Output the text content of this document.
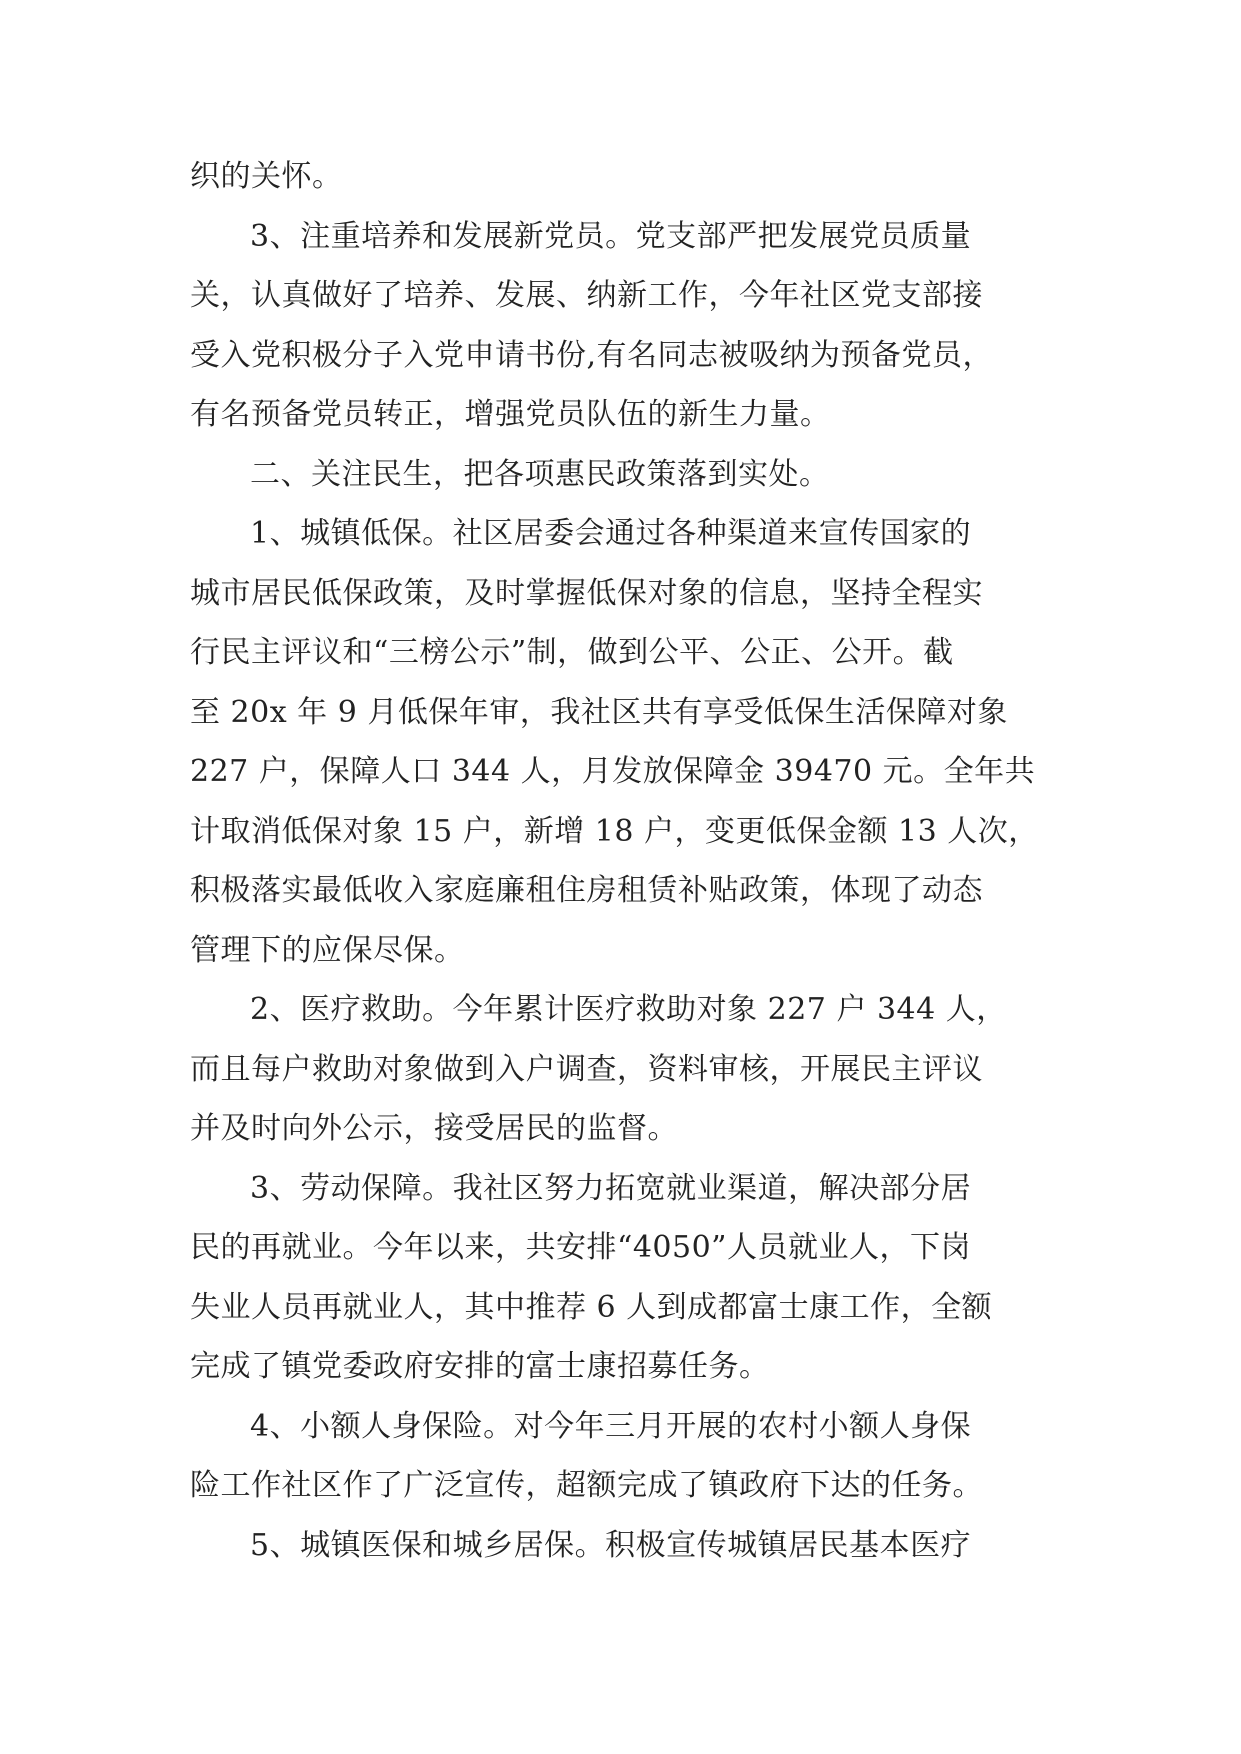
织的关怀。
3、注重培养和发展新党员。党支部严把发展党员质量
关，认真做好了培养、发展、纳新工作，今年社区党支部接
受入党积极分子入党申请书份,有名同志被吸纳为预备党员，
有名预备党员转正，增强党员队伍的新生力量。
二、关注民生，把各项惠民政策落到实处。
1、城镇低保。社区居委会通过各种渠道来宣传国家的
城市居民低保政策，及时掌握低保对象的信息，坚持全程实
行民主评议和“三榜公示”制，做到公平、公正、公开。截
至 20x 年 9 月低保年审，我社区共有享受低保生活保障对象
227 户，保障人口 344 人，月发放保障金 39470 元。全年共
计取消低保对象 15 户，新增 18 户，变更低保金额 13 人次，
积极落实最低收入家庭廉租住房租赁补贴政策，体现了动态
管理下的应保尽保。
2、医疗救助。今年累计医疗救助对象 227 户 344 人，
而且每户救助对象做到入户调查，资料审核，开展民主评议
并及时向外公示，接受居民的监督。
3、劳动保障。我社区努力拓宽就业渠道，解决部分居
民的再就业。今年以来，共安排“4050”人员就业人，下岗
失业人员再就业人，其中推荐 6 人到成都富士康工作，全额
完成了镇党委政府安排的富士康招募任务。
4、小额人身保险。对今年三月开展的农村小额人身保
险工作社区作了广泛宣传，超额完成了镇政府下达的任务。
5、城镇医保和城乡居保。积极宣传城镇居民基本医疗
